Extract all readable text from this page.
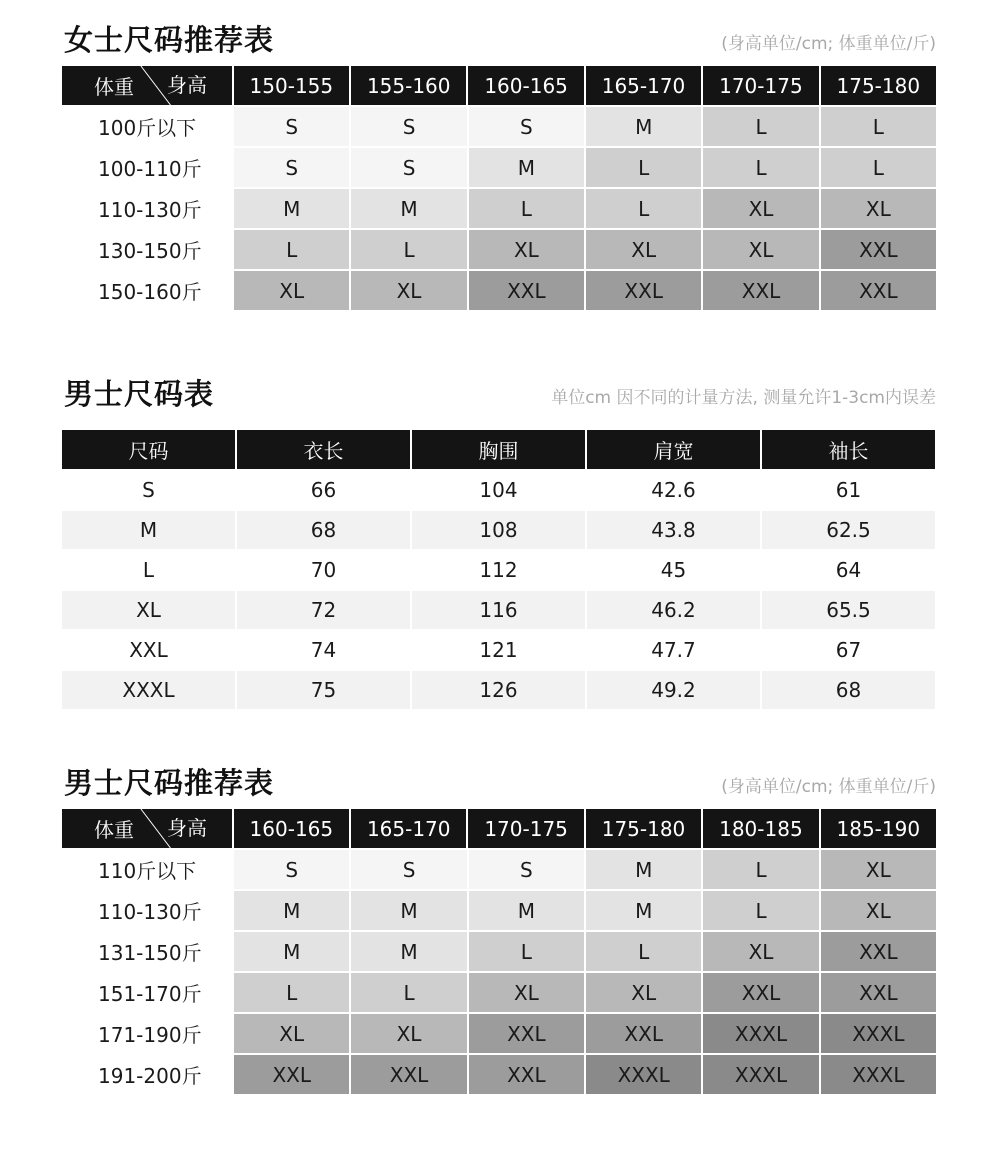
女士尺码推荐表	(身高单位/cm; 体重单位/斤)
体重 身高	150-155	155-160	160-165	165-170	170-175	175-180
100斤以下	S	S	S	M	L	L
100-110斤	S	S	M	L	L	L
110-130斤	M	M	L	L	XL	XL
130-150斤	L	L	XL	XL	XL	XXL
150-160斤	XL	XL	XXL	XXL	XXL	XXL
男士尺码表	单位cm 因不同的计量方法, 测量允许1-3cm内误差
尺码	衣长	胸围	肩宽	袖长
S	66	104	42.6	61
M	68	108	43.8	62.5
L	70	112	45	64
XL	72	116	46.2	65.5
XXL	74	121	47.7	67
XXXL	75	126	49.2	68
男士尺码推荐表	(身高单位/cm; 体重单位/斤)
体重 身高	160-165	165-170	170-175	175-180	180-185	185-190
110斤以下	S	S	S	M	L	XL
110-130斤	M	M	M	M	L	XL
131-150斤	M	M	L	L	XL	XXL
151-170斤	L	L	XL	XL	XXL	XXL
171-190斤	XL	XL	XXL	XXL	XXXL	XXXL
191-200斤	XXL	XXL	XXL	XXXL	XXXL	XXXL
